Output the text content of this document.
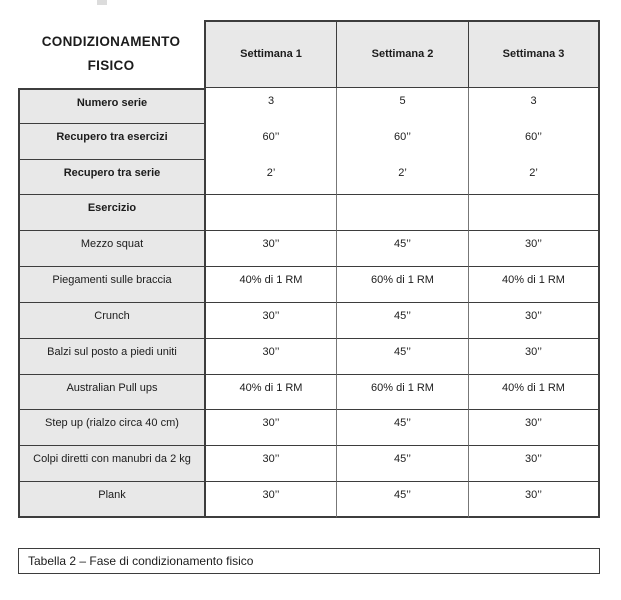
CONDIZIONAMENTO
FISICO
Settimana 1	Settimana 2	Settimana 3
Numero serie	3	5	3
Recupero tra esercizi	60’’	60’’	60’’
Recupero tra serie	2’	2’	2’
Esercizio
Mezzo squat	30’’	45’’	30’’
Piegamenti sulle braccia	40% di 1 RM	60% di 1 RM	40% di 1 RM
Crunch	30’’	45’’	30’’
Balzi sul posto a piedi uniti	30’’	45’’	30’’
Australian Pull ups	40% di 1 RM	60% di 1 RM	40% di 1 RM
Step up (rialzo circa 40 cm)	30’’	45’’	30’’
Colpi diretti con manubri da 2 kg	30’’	45’’	30’’
Plank	30’’	45’’	30’’
Tabella 2 – Fase di condizionamento fisico
